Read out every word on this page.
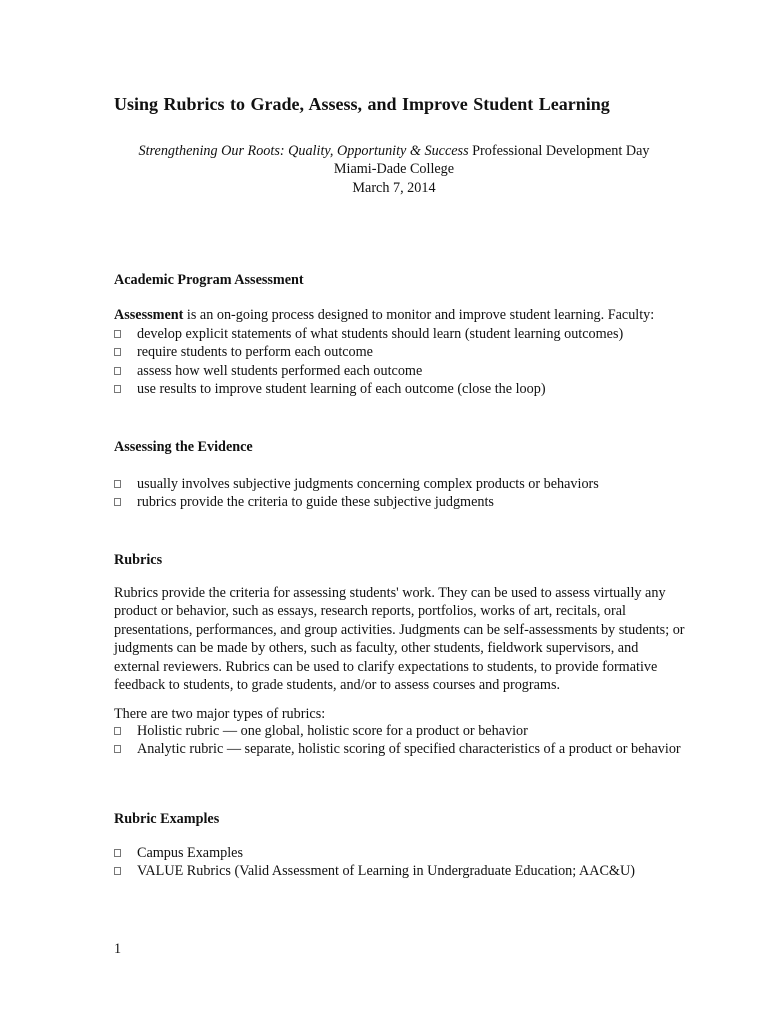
Using Rubrics to Grade, Assess, and Improve Student Learning
Strengthening Our Roots: Quality, Opportunity & Success Professional Development Day
Miami-Dade College
March 7, 2014
Academic Program Assessment
Assessment is an on-going process designed to monitor and improve student learning. Faculty:
develop explicit statements of what students should learn (student learning outcomes)
require students to perform each outcome
assess how well students performed each outcome
use results to improve student learning of each outcome (close the loop)
Assessing the Evidence
usually involves subjective judgments concerning complex products or behaviors
rubrics provide the criteria to guide these subjective judgments
Rubrics
Rubrics provide the criteria for assessing students' work. They can be used to assess virtually any product or behavior, such as essays, research reports, portfolios, works of art, recitals, oral presentations, performances, and group activities. Judgments can be self-assessments by students; or judgments can be made by others, such as faculty, other students, fieldwork supervisors, and external reviewers. Rubrics can be used to clarify expectations to students, to provide formative feedback to students, to grade students, and/or to assess courses and programs.
There are two major types of rubrics:
Holistic rubric — one global, holistic score for a product or behavior
Analytic rubric — separate, holistic scoring of specified characteristics of a product or behavior
Rubric Examples
Campus Examples
VALUE Rubrics (Valid Assessment of Learning in Undergraduate Education; AAC&U)
1
